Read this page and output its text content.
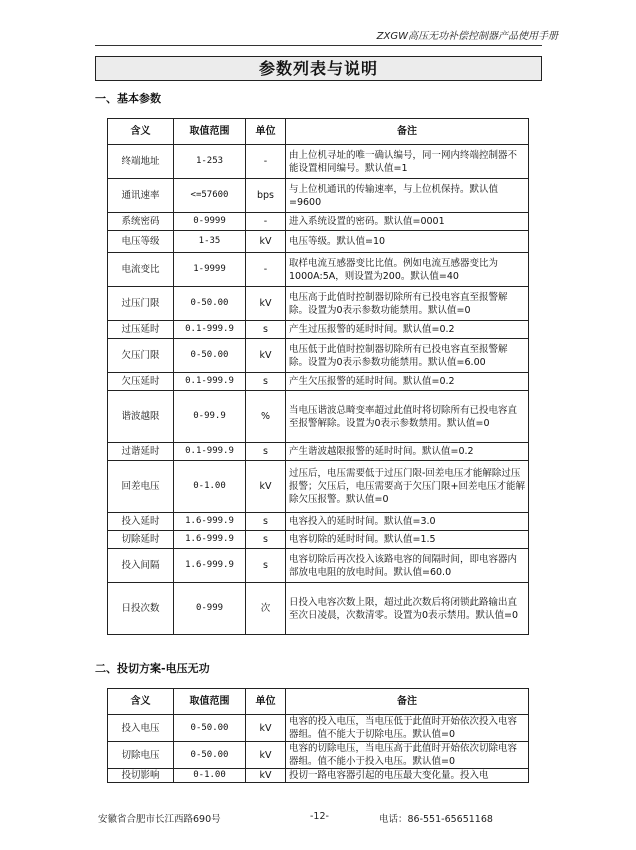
ZXGW高压无功补偿控制器产品使用手册
参数列表与说明
一、基本参数
含义	取值范围	单位	备注
终端地址	1-253	-	由上位机寻址的唯一确认编号，同一网内终端控制器不能设置相同编号。默认值=1
通讯速率	<=57600	bps	与上位机通讯的传输速率，与上位机保持。默认值=9600
系统密码	0-9999	-	进入系统设置的密码。默认值=0001
电压等级	1-35	kV	电压等级。默认值=10
电流变比	1-9999	-	取样电流互感器变比比值。例如电流互感器变比为1000A:5A，则设置为200。默认值=40
过压门限	0-50.00	kV	电压高于此值时控制器切除所有已投电容直至报警解除。设置为0表示参数功能禁用。默认值=0
过压延时	0.1-999.9	s	产生过压报警的延时时间。默认值=0.2
欠压门限	0-50.00	kV	电压低于此值时控制器切除所有已投电容直至报警解除。设置为0表示参数功能禁用。默认值=6.00
欠压延时	0.1-999.9	s	产生欠压报警的延时时间。默认值=0.2
谐波越限	0-99.9	%	当电压谐波总畸变率超过此值时将切除所有已投电容直至报警解除。设置为0表示参数禁用。默认值=0
过谐延时	0.1-999.9	s	产生谐波越限报警的延时时间。默认值=0.2
回差电压	0-1.00	kV	过压后，电压需要低于过压门限-回差电压才能解除过压报警；欠压后，电压需要高于欠压门限+回差电压才能解除欠压报警。默认值=0
投入延时	1.6-999.9	s	电容投入的延时时间。默认值=3.0
切除延时	1.6-999.9	s	电容切除的延时时间。默认值=1.5
投入间隔	1.6-999.9	s	电容切除后再次投入该路电容的间隔时间，即电容器内部放电电阻的放电时间。默认值=60.0
日投次数	0-999	次	日投入电容次数上限，超过此次数后将闭锁此路输出直至次日凌晨，次数清零。设置为0表示禁用。默认值=0
二、投切方案-电压无功
含义	取值范围	单位	备注
投入电压	0-50.00	kV	电容的投入电压，当电压低于此值时开始依次投入电容器组。值不能大于切除电压。默认值=0
切除电压	0-50.00	kV	电容的切除电压，当电压高于此值时开始依次切除电容器组。值不能小于投入电压。默认值=0
投切影响	0-1.00	kV	投切一路电容器引起的电压最大变化量。投入电
安徽省合肥市长江西路690号	-12-	电话：86-551-65651168
